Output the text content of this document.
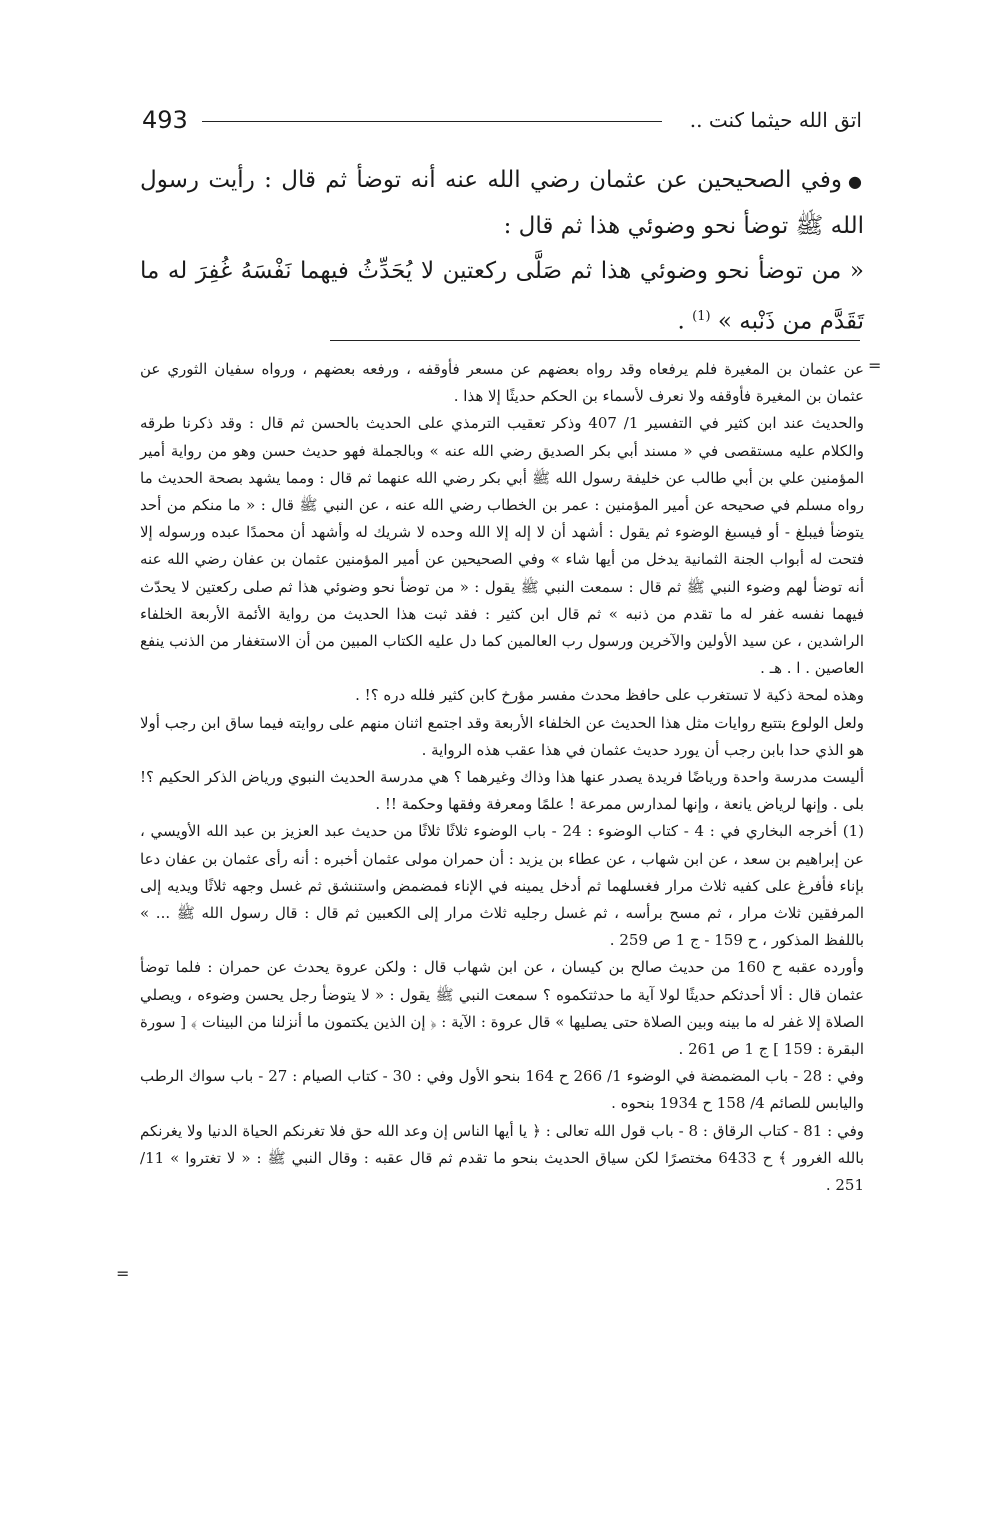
493	اتق الله حيثما كنت ..

●وفي الصحيحين عن عثمان رضي الله عنه أنه توضأ ثم قال : رأيت رسول الله ﷺ توضأ نحو وضوئي هذا ثم قال :

« من توضأ نحو وضوئي هذا ثم صَلَّى ركعتين لا يُحَدِّثُ فيهما نَفْسَهُ غُفِرَ له ما تَقَدَّم من ذَنْبه » $^{(1)}$ .

=

عن عثمان بن المغيرة فلم يرفعاه وقد رواه بعضهم عن مسعر فأوقفه ، ورفعه بعضهم ، ورواه سفيان الثوري عن عثمان بن المغيرة فأوقفه ولا نعرف لأسماء بن الحكم حديثًا إلا هذا .

والحديث عند ابن كثير في التفسير 1/ 407 وذكر تعقيب الترمذي على الحديث بالحسن ثم قال : وقد ذكرنا طرقه والكلام عليه مستقصى في « مسند أبي بكر الصديق رضي الله عنه » وبالجملة فهو حديث حسن وهو من رواية أمير المؤمنين علي بن أبي طالب عن خليفة رسول الله ﷺ أبي بكر رضي الله عنهما ثم قال : ومما يشهد بصحة الحديث ما رواه مسلم في صحيحه عن أمير المؤمنين : عمر بن الخطاب رضي الله عنه ، عن النبي ﷺ قال : « ما منكم من أحد يتوضأ فيبلغ - أو فيسبغ الوضوء ثم يقول : أشهد أن لا إله إلا الله وحده لا شريك له وأشهد أن محمدًا عبده ورسوله إلا فتحت له أبواب الجنة الثمانية يدخل من أيها شاء » وفي الصحيحين عن أمير المؤمنين عثمان بن عفان رضي الله عنه أنه توضأ لهم وضوء النبي ﷺ ثم قال : سمعت النبي ﷺ يقول : « من توضأ نحو وضوئي هذا ثم صلى ركعتين لا يحدّث فيهما نفسه غفر له ما تقدم من ذنبه » ثم قال ابن كثير : فقد ثبت هذا الحديث من رواية الأئمة الأربعة الخلفاء الراشدين ، عن سيد الأولين والآخرين ورسول رب العالمين كما دل عليه الكتاب المبين من أن الاستغفار من الذنب ينفع العاصين . ا . هـ .

وهذه لمحة ذكية لا تستغرب على حافظ محدث مفسر مؤرخ كابن كثير فلله دره ؟! .

ولعل الولوع بتتبع روايات مثل هذا الحديث عن الخلفاء الأربعة وقد اجتمع اثنان منهم على روايته فيما ساق ابن رجب أولا هو الذي حدا بابن رجب أن يورد حديث عثمان في هذا عقب هذه الرواية .

أليست مدرسة واحدة ورياضًا فريدة يصدر عنها هذا وذاك وغيرهما ؟ هي مدرسة الحديث النبوي ورياض الذكر الحكيم ؟! بلى . وإنها لرياض يانعة ، وإنها لمدارس ممرعة ! علمًا ومعرفة وفقها وحكمة !! .

(1) أخرجه البخاري في : 4 - كتاب الوضوء : 24 - باب الوضوء ثلاثًا ثلاثًا من حديث عبد العزيز بن عبد الله الأويسي ، عن إبراهيم بن سعد ، عن ابن شهاب ، عن عطاء بن يزيد : أن حمران مولى عثمان أخبره : أنه رأى عثمان بن عفان دعا بإناء فأفرغ على كفيه ثلاث مرار فغسلهما ثم أدخل يمينه في الإناء فمضمض واستنشق ثم غسل وجهه ثلاثًا ويديه إلى المرفقين ثلاث مرار ، ثم مسح برأسه ، ثم غسل رجليه ثلاث مرار إلى الكعبين ثم قال : قال رسول الله ﷺ ... » باللفظ المذكور ، ح 159 - ج 1 ص 259 .

وأورده عقبه ح 160 من حديث صالح بن كيسان ، عن ابن شهاب قال : ولكن عروة يحدث عن حمران : فلما توضأ عثمان قال : ألا أحدثكم حديثًا لولا آية ما حدثتكموه ؟ سمعت النبي ﷺ يقول : « لا يتوضأ رجل يحسن وضوءه ، ويصلي الصلاة إلا غفر له ما بينه وبين الصلاة حتى يصليها » قال عروة : الآية : ﴿ إن الذين يكتمون ما أنزلنا من البينات ﴾ [ سورة البقرة : 159 ] ج 1 ص 261 .

وفي : 28 - باب المضمضة في الوضوء 1/ 266 ح 164 بنحو الأول وفي : 30 - كتاب الصيام : 27 - باب سواك الرطب واليابس للصائم 4/ 158 ح 1934 بنحوه .

وفي : 81 - كتاب الرقاق : 8 - باب قول الله تعالى : ﴿ يا أيها الناس إن وعد الله حق فلا تغرنكم الحياة الدنيا ولا يغرنكم بالله الغرور ﴾ ح 6433 مختصرًا لكن سياق الحديث بنحو ما تقدم ثم قال عقبه : وقال النبي ﷺ : « لا تغتروا » 11/ 251 .

=
